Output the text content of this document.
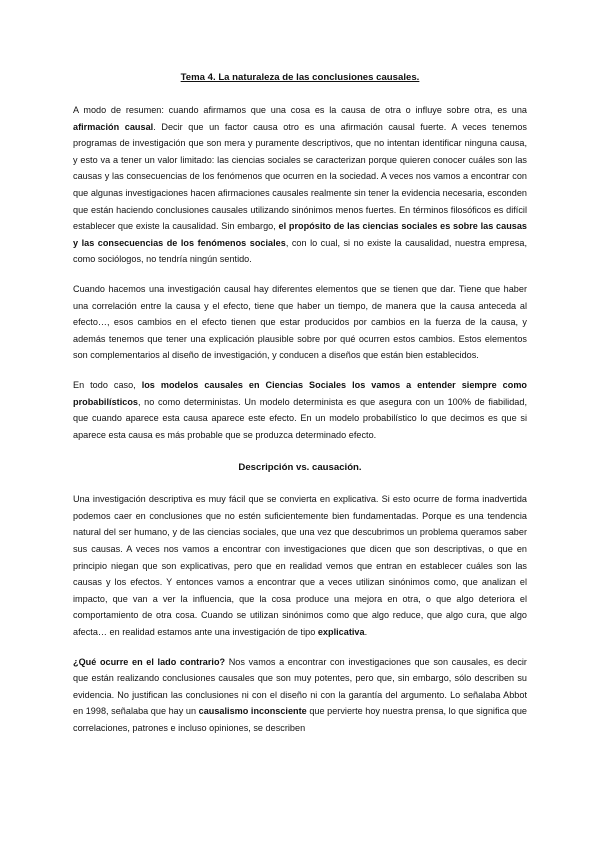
Tema 4. La naturaleza de las conclusiones causales.

A modo de resumen: cuando afirmamos que una cosa es la causa de otra o influye sobre otra, es una afirmación causal. Decir que un factor causa otro es una afirmación causal fuerte. A veces tenemos programas de investigación que son mera y puramente descriptivos, que no intentan identificar ninguna causa, y esto va a tener un valor limitado: las ciencias sociales se caracterizan porque quieren conocer cuáles son las causas y las consecuencias de los fenómenos que ocurren en la sociedad. A veces nos vamos a encontrar con que algunas investigaciones hacen afirmaciones causales realmente sin tener la evidencia necesaria, esconden que están haciendo conclusiones causales utilizando sinónimos menos fuertes. En términos filosóficos es difícil establecer que existe la causalidad. Sin embargo, el propósito de las ciencias sociales es sobre las causas y las consecuencias de los fenómenos sociales, con lo cual, si no existe la causalidad, nuestra empresa, como sociólogos, no tendría ningún sentido.

Cuando hacemos una investigación causal hay diferentes elementos que se tienen que dar. Tiene que haber una correlación entre la causa y el efecto, tiene que haber un tiempo, de manera que la causa anteceda al efecto…, esos cambios en el efecto tienen que estar producidos por cambios en la fuerza de la causa, y además tenemos que tener una explicación plausible sobre por qué ocurren estos cambios. Estos elementos son complementarios al diseño de investigación, y conducen a diseños que están bien establecidos.

En todo caso, los modelos causales en Ciencias Sociales los vamos a entender siempre como probabilísticos, no como deterministas. Un modelo determinista es que asegura con un 100% de fiabilidad, que cuando aparece esta causa aparece este efecto. En un modelo probabilístico lo que decimos es que si aparece esta causa es más probable que se produzca determinado efecto.

Descripción vs. causación.

Una investigación descriptiva es muy fácil que se convierta en explicativa. Si esto ocurre de forma inadvertida podemos caer en conclusiones que no estén suficientemente bien fundamentadas. Porque es una tendencia natural del ser humano, y de las ciencias sociales, que una vez que descubrimos un problema queramos saber sus causas. A veces nos vamos a encontrar con investigaciones que dicen que son descriptivas, o que en principio niegan que son explicativas, pero que en realidad vemos que entran en establecer cuáles son las causas y los efectos. Y entonces vamos a encontrar que a veces utilizan sinónimos como, que analizan el impacto, que van a ver la influencia, que la cosa produce una mejora en otra, o que algo deteriora el comportamiento de otra cosa. Cuando se utilizan sinónimos como que algo reduce, que algo cura, que algo afecta… en realidad estamos ante una investigación de tipo explicativa.

¿Qué ocurre en el lado contrario? Nos vamos a encontrar con investigaciones que son causales, es decir que están realizando conclusiones causales que son muy potentes, pero que, sin embargo, sólo describen su evidencia. No justifican las conclusiones ni con el diseño ni con la garantía del argumento. Lo señalaba Abbot en 1998, señalaba que hay un causalismo inconsciente que pervierte hoy nuestra prensa, lo que significa que correlaciones, patrones e incluso opiniones, se describen
